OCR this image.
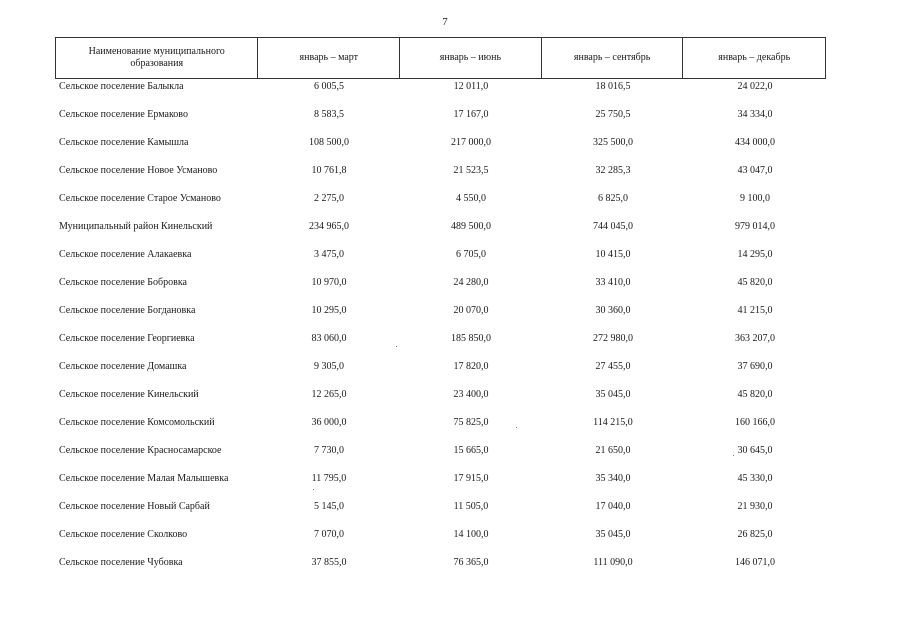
7
Наименование муниципального образования
январь – март	январь – июнь	январь – сентябрь	январь – декабрь
Сельское поселение Балыкла	6 005,5	12 011,0	18 016,5	24 022,0
Сельское поселение Ермаково	8 583,5	17 167,0	25 750,5	34 334,0
Сельское поселение Камышла	108 500,0	217 000,0	325 500,0	434 000,0
Сельское поселение Новое Усманово	10 761,8	21 523,5	32 285,3	43 047,0
Сельское поселение Старое Усманово	2 275,0	4 550,0	6 825,0	9 100,0
Муниципальный район Кинельский	234 965,0	489 500,0	744 045,0	979 014,0
Сельское поселение Алакаевка	3 475,0	6 705,0	10 415,0	14 295,0
Сельское поселение Бобровка	10 970,0	24 280,0	33 410,0	45 820,0
Сельское поселение Богдановка	10 295,0	20 070,0	30 360,0	41 215,0
Сельское поселение Георгиевка	83 060,0	185 850,0	272 980,0	363 207,0
Сельское поселение Домашка	9 305,0	17 820,0	27 455,0	37 690,0
Сельское поселение Кинельский	12 265,0	23 400,0	35 045,0	45 820,0
Сельское поселение Комсомольский	36 000,0	75 825,0	114 215,0	160 166,0
Сельское поселение Красносамарское	7 730,0	15 665,0	21 650,0	30 645,0
Сельское поселение Малая Малышевка	11 795,0	17 915,0	35 340,0	45 330,0
Сельское поселение Новый Сарбай	5 145,0	11 505,0	17 040,0	21 930,0
Сельское поселение Сколково	7 070,0	14 100,0	35 045,0	26 825,0
Сельское поселение Чубовка	37 855,0	76 365,0	111 090,0	146 071,0
